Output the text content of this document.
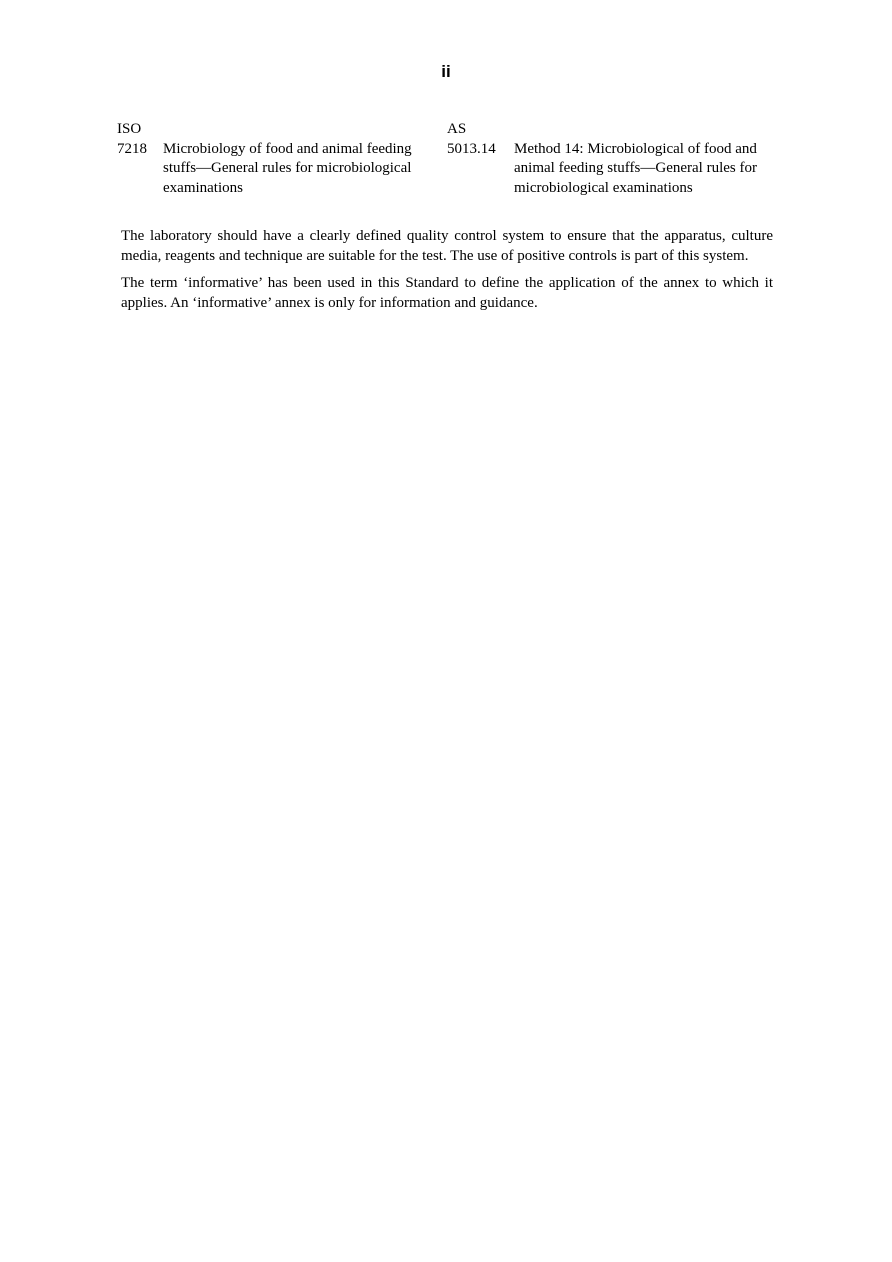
ii
ISO
7218	Microbiology of food and animal feeding stuffs—General rules for microbiological examinations
AS
5013.14	Method 14: Microbiological of food and animal feeding stuffs—General rules for microbiological examinations

The laboratory should have a clearly defined quality control system to ensure that the apparatus, culture media, reagents and technique are suitable for the test. The use of positive controls is part of this system.

The term ‘informative’ has been used in this Standard to define the application of the annex to which it applies. An ‘informative’ annex is only for information and guidance.
